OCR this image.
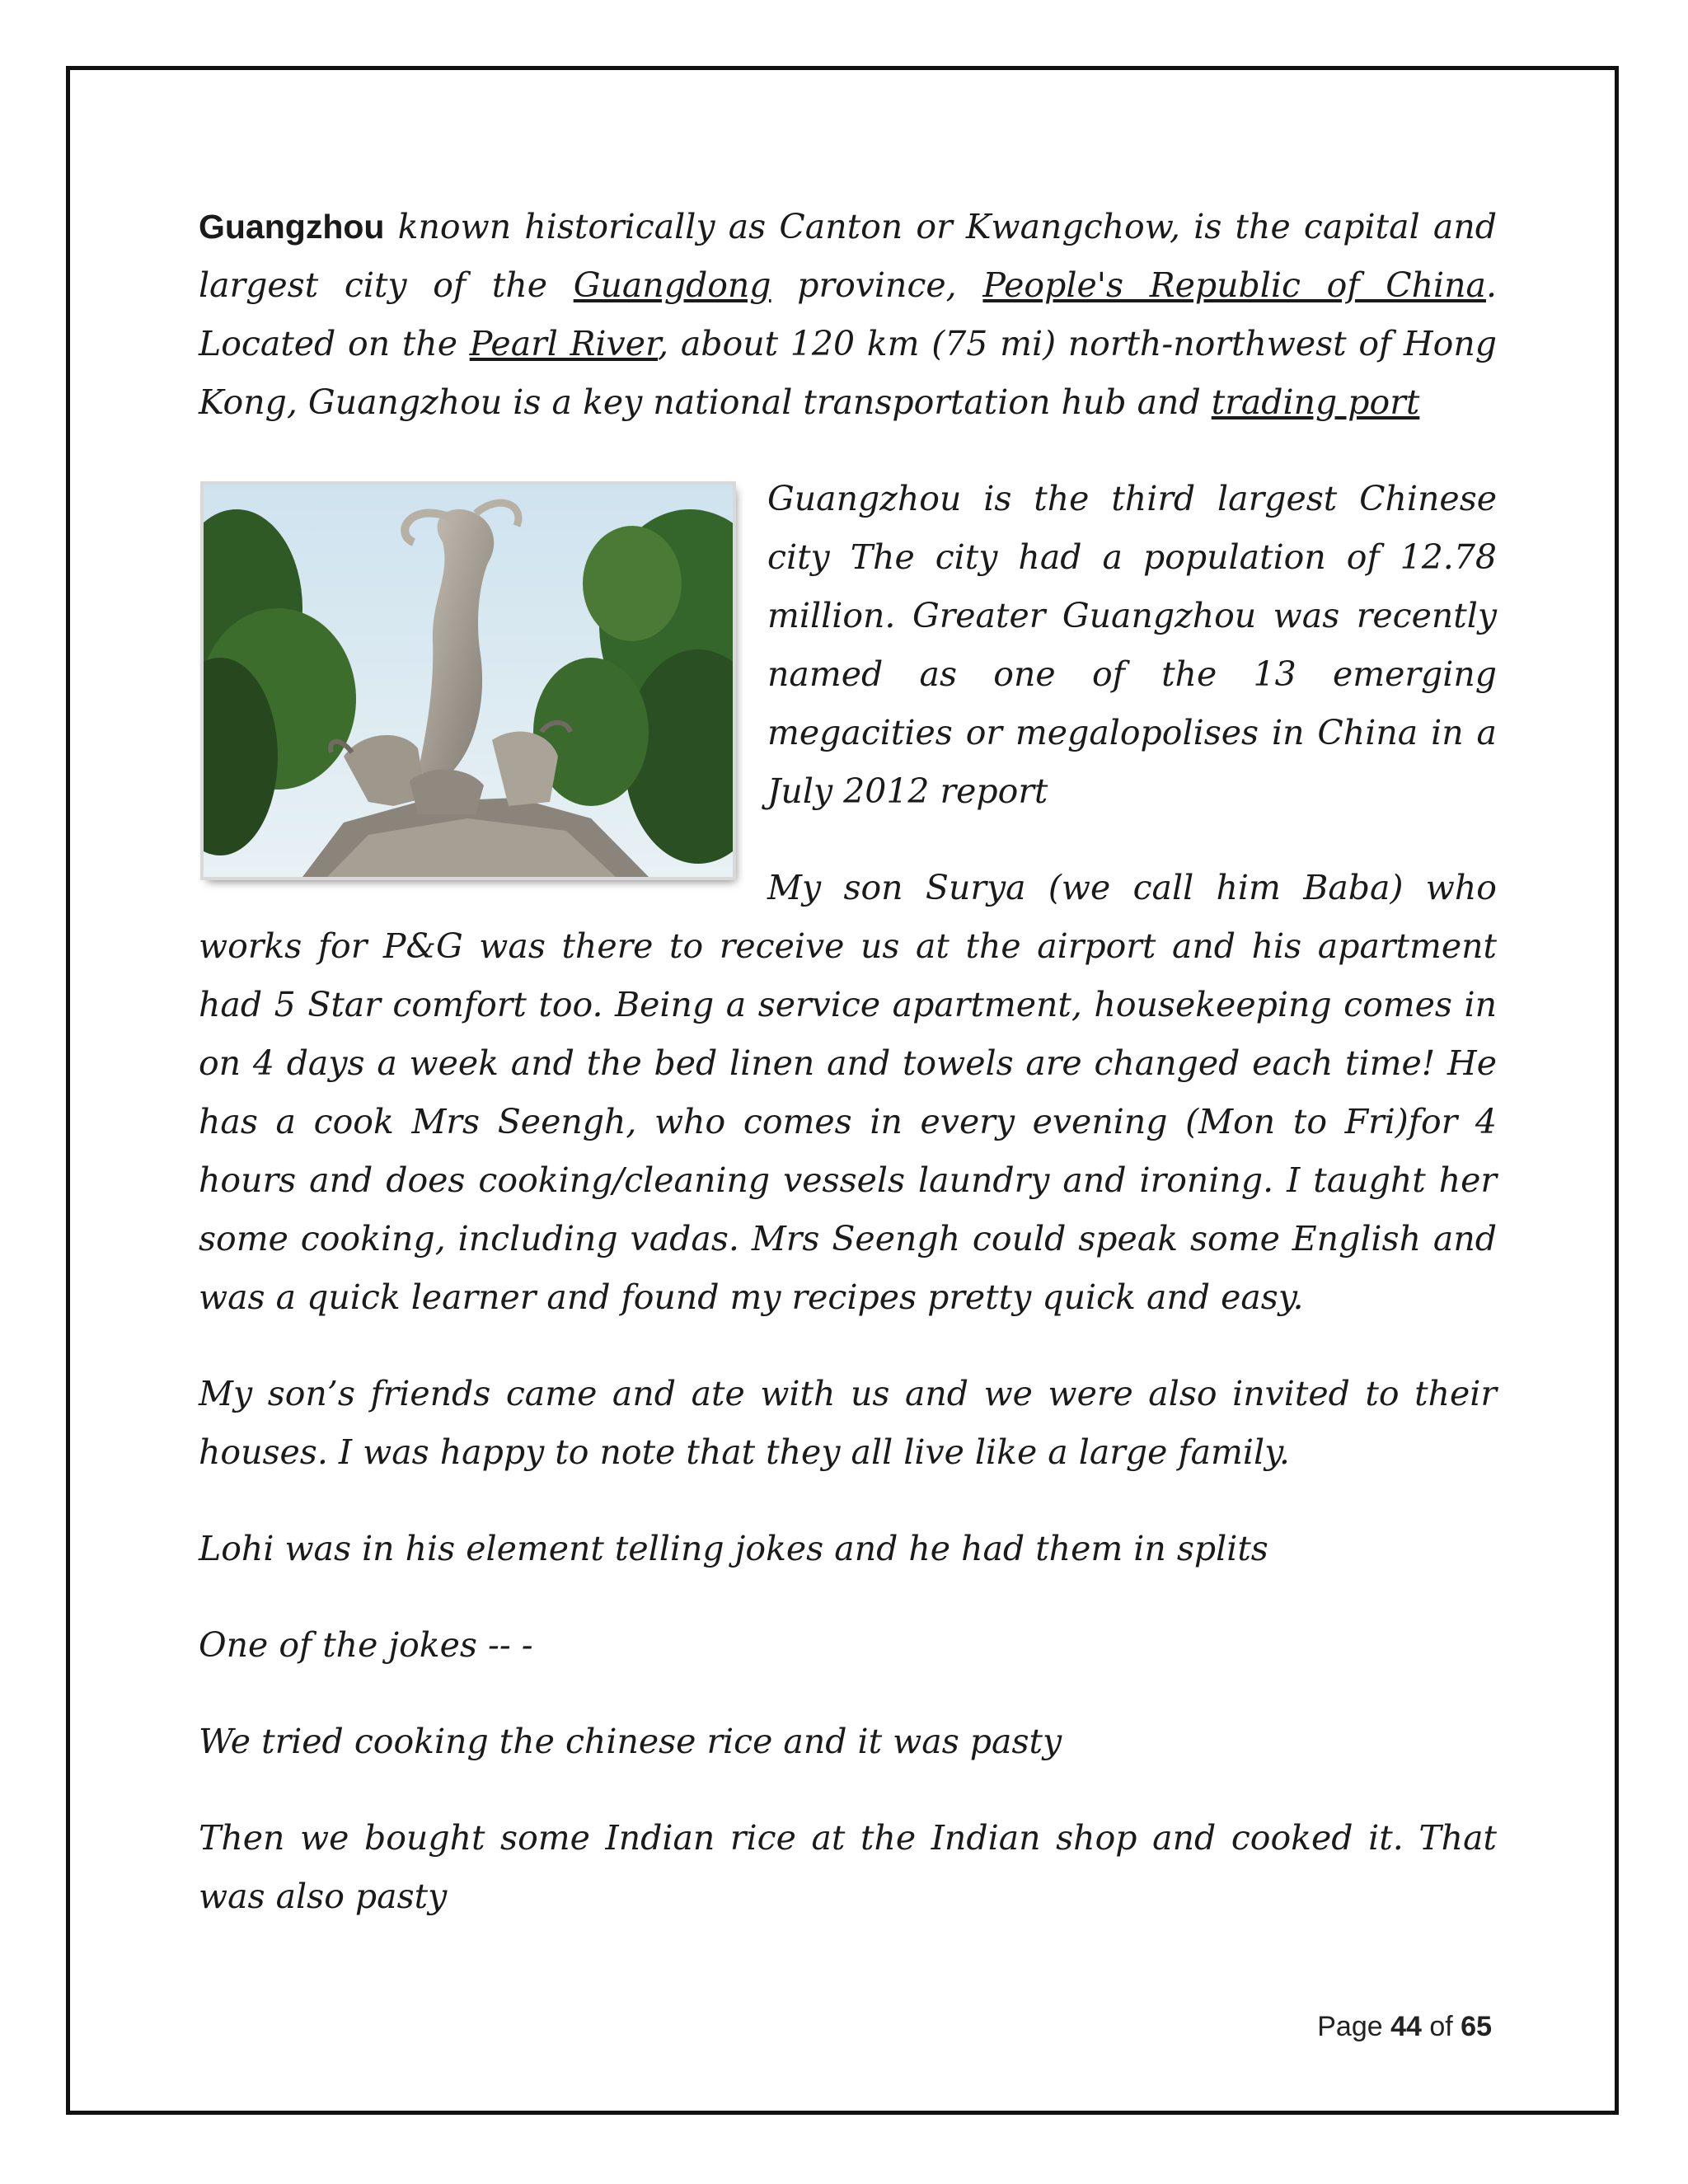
Guangzhou known historically as Canton or Kwangchow, is the capital and largest city of the Guangdong province, People's Republic of China. Located on the Pearl River, about 120 km (75 mi) north-northwest of Hong Kong, Guangzhou is a key national transportation hub and trading port

Guangzhou is the third largest Chinese city The city had a population of 12.78 million. Greater Guangzhou was recently named as one of the 13 emerging megacities or megalopolises in China in a July 2012 report

My son Surya (we call him Baba) who works for P&G was there to receive us at the airport and his apartment had 5 Star comfort too. Being a service apartment, housekeeping comes in on 4 days a week and the bed linen and towels are changed each time! He has a cook Mrs Seengh, who comes in every evening (Mon to Fri)for 4 hours and does cooking/cleaning vessels laundry and ironing. I taught her some cooking, including vadas. Mrs Seengh could speak some English and was a quick learner and found my recipes pretty quick and easy.

My son’s friends came and ate with us and we were also invited to their houses. I was happy to note that they all live like a large family.

Lohi was in his element telling jokes and he had them in splits

One of the jokes -- -

We tried cooking the chinese rice and it was pasty

Then we bought some Indian rice at the Indian shop and cooked it. That was also pasty

Page 44 of 65
